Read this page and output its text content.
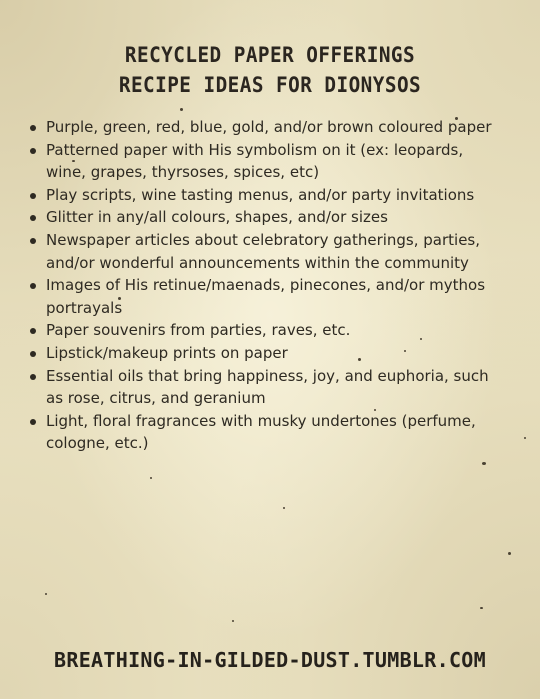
RECYCLED PAPER OFFERINGS
RECIPE IDEAS FOR DIONYSOS
Purple, green, red, blue, gold, and/or brown coloured paper
Patterned paper with His symbolism on it (ex: leopards, wine, grapes, thyrsoses, spices, etc)
Play scripts, wine tasting menus, and/or party invitations
Glitter in any/all colours, shapes, and/or sizes
Newspaper articles about celebratory gatherings, parties, and/or wonderful announcements within the community
Images of His retinue/maenads, pinecones, and/or mythos portrayals
Paper souvenirs from parties, raves, etc.
Lipstick/makeup prints on paper
Essential oils that bring happiness, joy, and euphoria, such as rose, citrus, and geranium
Light, floral fragrances with musky undertones (perfume, cologne, etc.)
BREATHING-IN-GILDED-DUST.TUMBLR.COM
